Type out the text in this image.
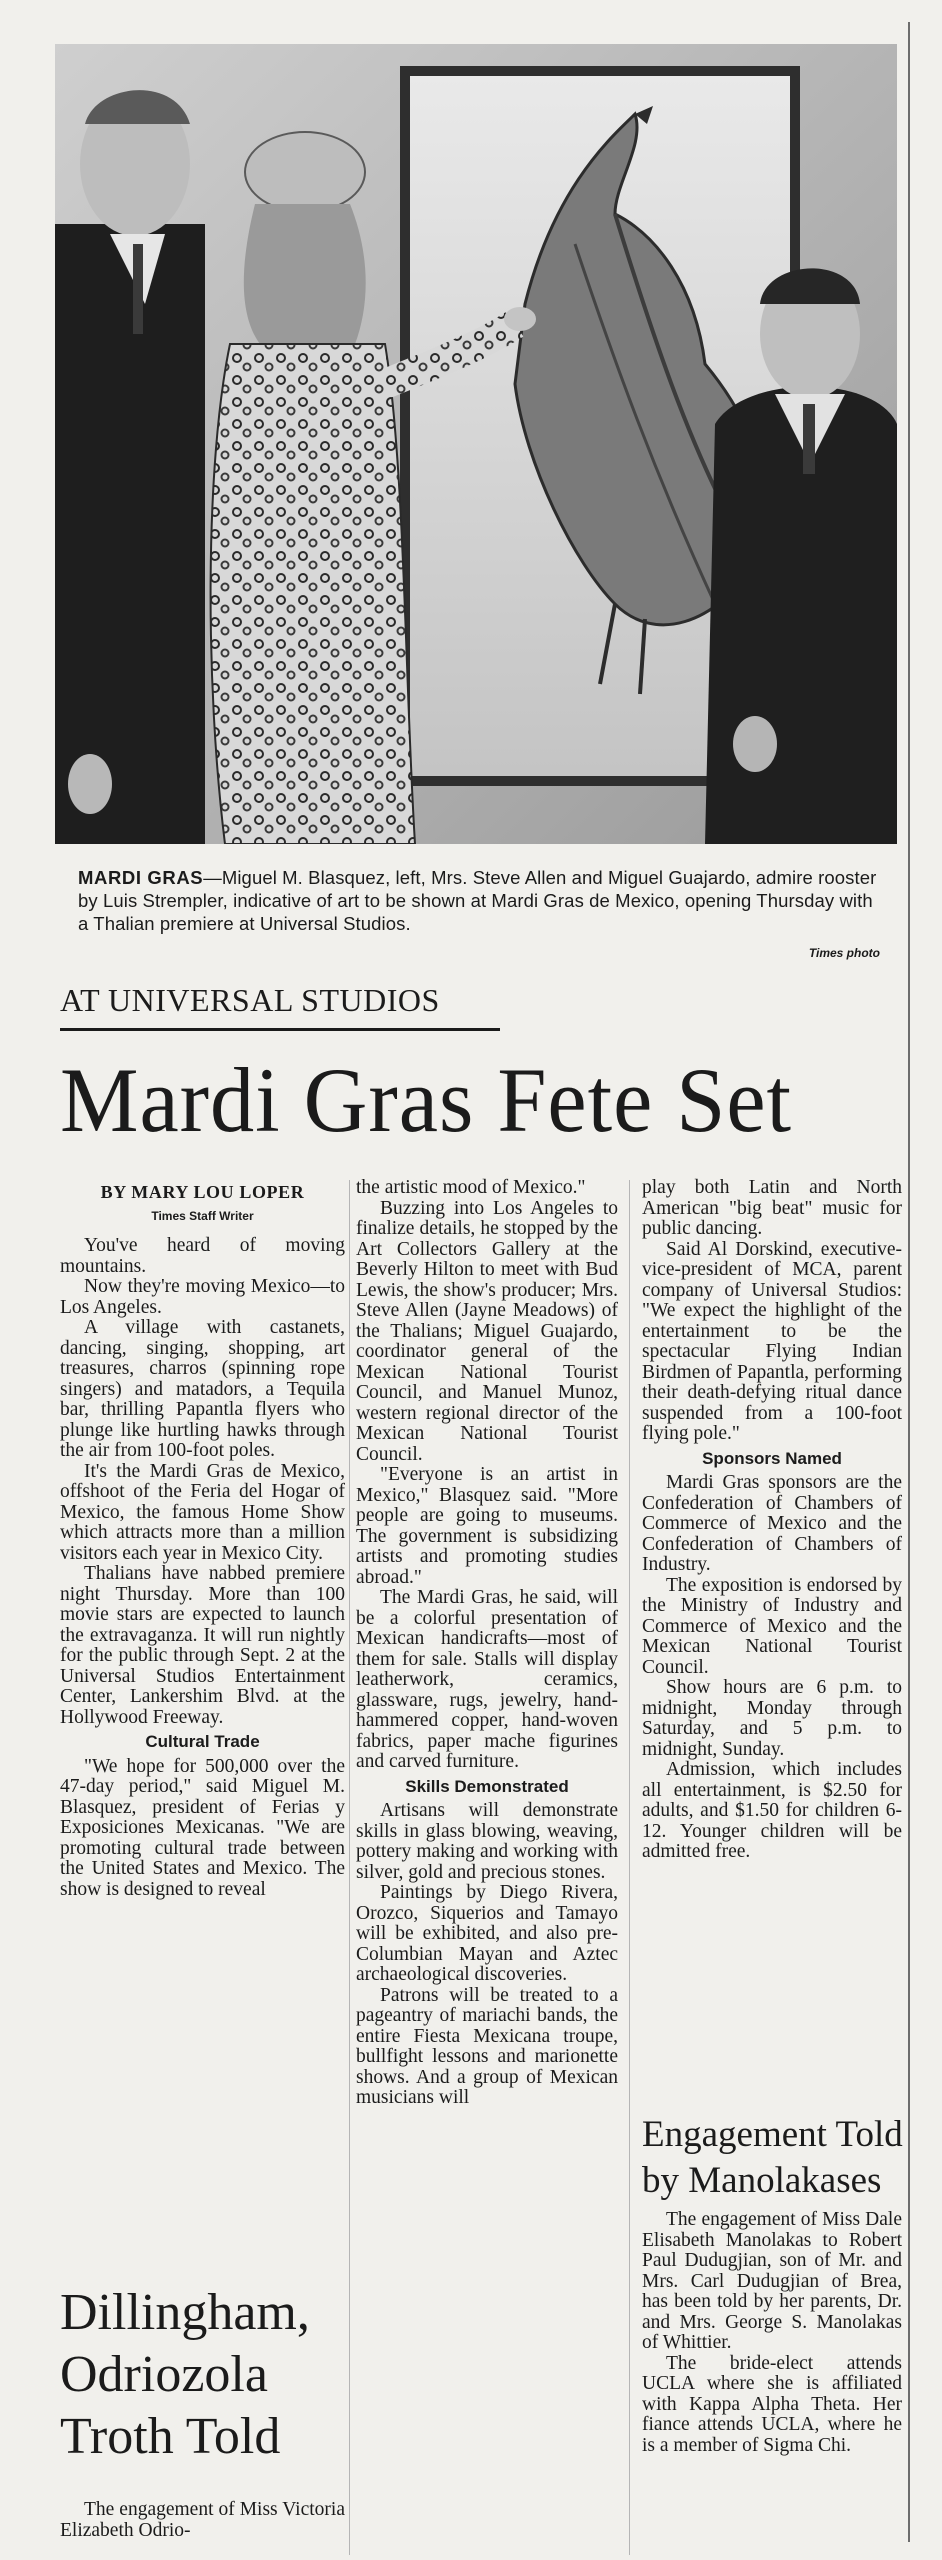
MARDI GRAS—Miguel M. Blasquez, left, Mrs. Steve Allen and Miguel Guajardo, admire rooster by Luis Strempler, indicative of art to be shown at Mardi Gras de Mexico, opening Thursday with a Thalian premiere at Universal Studios.
Times photo
AT UNIVERSAL STUDIOS
Mardi Gras Fete Set
BY MARY LOU LOPER
Times Staff Writer

You've heard of moving mountains.

Now they're moving Mexico—to Los Angeles.

A village with castanets, dancing, singing, shopping, art treasures, charros (spinning rope singers) and matadors, a Tequila bar, thrilling Papantla flyers who plunge like hurtling hawks through the air from 100-foot poles.

It's the Mardi Gras de Mexico, offshoot of the Feria del Hogar of Mexico, the famous Home Show which attracts more than a million visitors each year in Mexico City.

Thalians have nabbed premiere night Thursday. More than 100 movie stars are expected to launch the extravaganza. It will run nightly for the public through Sept. 2 at the Universal Studios Entertainment Center, Lankershim Blvd. at the Hollywood Freeway.

Cultural Trade

"We hope for 500,000 over the 47-day period," said Miguel M. Blasquez, president of Ferias y Exposiciones Mexicanas. "We are promoting cultural trade between the United States and Mexico. The show is designed to reveal

the artistic mood of Mexico."

Buzzing into Los Angeles to finalize details, he stopped by the Art Collectors Gallery at the Beverly Hilton to meet with Bud Lewis, the show's producer; Mrs. Steve Allen (Jayne Meadows) of the Thalians; Miguel Guajardo, coordinator general of the Mexican National Tourist Council, and Manuel Munoz, western regional director of the Mexican National Tourist Council.

"Everyone is an artist in Mexico," Blasquez said. "More people are going to museums. The government is subsidizing artists and promoting studies abroad."

The Mardi Gras, he said, will be a colorful presentation of Mexican handicrafts—most of them for sale. Stalls will display leatherwork, ceramics, glassware, rugs, jewelry, hand-hammered copper, hand-woven fabrics, paper mache figurines and carved furniture.

Skills Demonstrated

Artisans will demonstrate skills in glass blowing, weaving, pottery making and working with silver, gold and precious stones.

Paintings by Diego Rivera, Orozco, Siquerios and Tamayo will be exhibited, and also pre-Columbian Mayan and Aztec archaeological discoveries.

Patrons will be treated to a pageantry of mariachi bands, the entire Fiesta Mexicana troupe, bullfight lessons and marionette shows. And a group of Mexican musicians will

play both Latin and North American "big beat" music for public dancing.

Said Al Dorskind, executive-vice-president of MCA, parent company of Universal Studios: "We expect the highlight of the entertainment to be the spectacular Flying Indian Birdmen of Papantla, performing their death-defying ritual dance suspended from a 100-foot flying pole."

Sponsors Named

Mardi Gras sponsors are the Confederation of Chambers of Commerce of Mexico and the Confederation of Chambers of Industry.

The exposition is endorsed by the Ministry of Industry and Commerce of Mexico and the Mexican National Tourist Council.

Show hours are 6 p.m. to midnight, Monday through Saturday, and 5 p.m. to midnight, Sunday.

Admission, which includes all entertainment, is $2.50 for adults, and $1.50 for children 6-12. Younger children will be admitted free.

Dillingham, Odriozola Troth Told

The engagement of Miss Victoria Elizabeth Odrio-

Engagement Told by Manolakases

The engagement of Miss Dale Elisabeth Manolakas to Robert Paul Dudugjian, son of Mr. and Mrs. Carl Dudugjian of Brea, has been told by her parents, Dr. and Mrs. George S. Manolakas of Whittier.

The bride-elect attends UCLA where she is affiliated with Kappa Alpha Theta. Her fiance attends UCLA, where he is a member of Sigma Chi.
